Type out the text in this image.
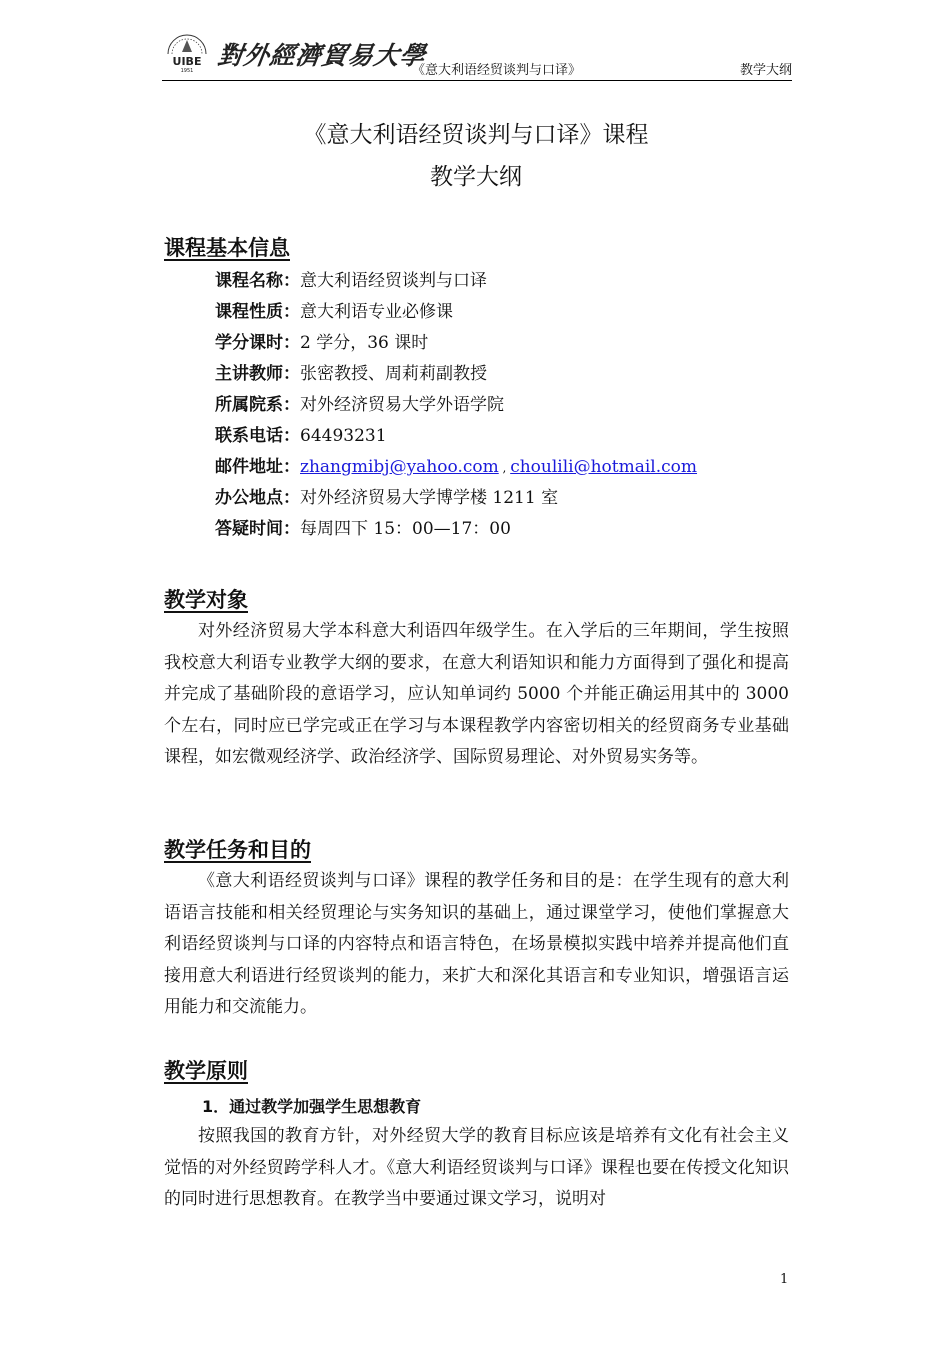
UIBE
1951
對外經濟貿易大學
《意大利语经贸谈判与口译》	教学大纲
《意大利语经贸谈判与口译》课程
教学大纲
课程基本信息
课程名称：意大利语经贸谈判与口译
课程性质：意大利语专业必修课
学分课时：2 学分，36 课时
主讲教师：张密教授、周莉莉副教授
所属院系：对外经济贸易大学外语学院
联系电话：64493231
邮件地址：zhangmibj@yahoo.com , choulili@hotmail.com
办公地点：对外经济贸易大学博学楼 1211 室
答疑时间：每周四下 15：00—17：00
教学对象
对外经济贸易大学本科意大利语四年级学生。在入学后的三年期间，学生按照我校意大利语专业教学大纲的要求，在意大利语知识和能力方面得到了强化和提高并完成了基础阶段的意语学习，应认知单词约 5000 个并能正确运用其中的 3000 个左右，同时应已学完或正在学习与本课程教学内容密切相关的经贸商务专业基础课程，如宏微观经济学、政治经济学、国际贸易理论、对外贸易实务等。
教学任务和目的
《意大利语经贸谈判与口译》课程的教学任务和目的是：在学生现有的意大利语语言技能和相关经贸理论与实务知识的基础上，通过课堂学习，使他们掌握意大利语经贸谈判与口译的内容特点和语言特色，在场景模拟实践中培养并提高他们直接用意大利语进行经贸谈判的能力，来扩大和深化其语言和专业知识，增强语言运用能力和交流能力。
教学原则
1．通过教学加强学生思想教育
按照我国的教育方针，对外经贸大学的教育目标应该是培养有文化有社会主义觉悟的对外经贸跨学科人才。《意大利语经贸谈判与口译》课程也要在传授文化知识的同时进行思想教育。在教学当中要通过课文学习，说明对
1
